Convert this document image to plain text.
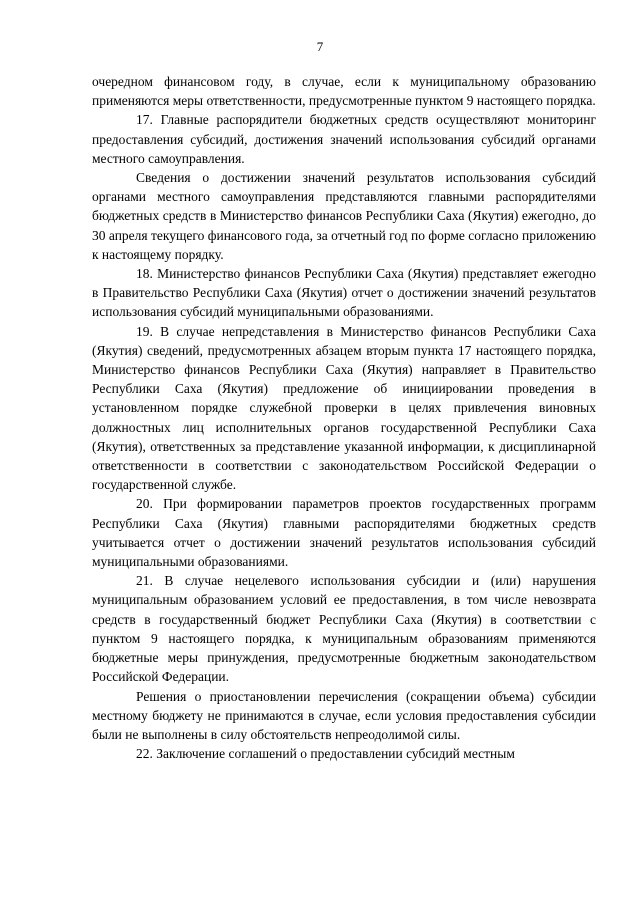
7

очередном финансовом году, в случае, если к муниципальному образованию применяются меры ответственности, предусмотренные пунктом 9 настоящего порядка.

17. Главные распорядители бюджетных средств осуществляют мониторинг предоставления субсидий, достижения значений использования субсидий органами местного самоуправления.

Сведения о достижении значений результатов использования субсидий органами местного самоуправления представляются главными распорядителями бюджетных средств в Министерство финансов Республики Саха (Якутия) ежегодно, до 30 апреля текущего финансового года, за отчетный год по форме согласно приложению к настоящему порядку.

18. Министерство финансов Республики Саха (Якутия) представляет ежегодно в Правительство Республики Саха (Якутия) отчет о достижении значений результатов использования субсидий муниципальными образованиями.

19. В случае непредставления в Министерство финансов Республики Саха (Якутия) сведений, предусмотренных абзацем вторым пункта 17 настоящего порядка, Министерство финансов Республики Саха (Якутия) направляет в Правительство Республики Саха (Якутия) предложение об инициировании проведения в установленном порядке служебной проверки в целях привлечения виновных должностных лиц исполнительных органов государственной Республики Саха (Якутия), ответственных за представление указанной информации, к дисциплинарной ответственности в соответствии с законодательством Российской Федерации о государственной службе.

20. При формировании параметров проектов государственных программ Республики Саха (Якутия) главными распорядителями бюджетных средств учитывается отчет о достижении значений результатов использования субсидий муниципальными образованиями.

21. В случае нецелевого использования субсидии и (или) нарушения муниципальным образованием условий ее предоставления, в том числе невозврата средств в государственный бюджет Республики Саха (Якутия) в соответствии с пунктом 9 настоящего порядка, к муниципальным образованиям применяются бюджетные меры принуждения, предусмотренные бюджетным законодательством Российской Федерации.

Решения о приостановлении перечисления (сокращении объема) субсидии местному бюджету не принимаются в случае, если условия предоставления субсидии были не выполнены в силу обстоятельств непреодолимой силы.

22. Заключение соглашений о предоставлении субсидий местным
